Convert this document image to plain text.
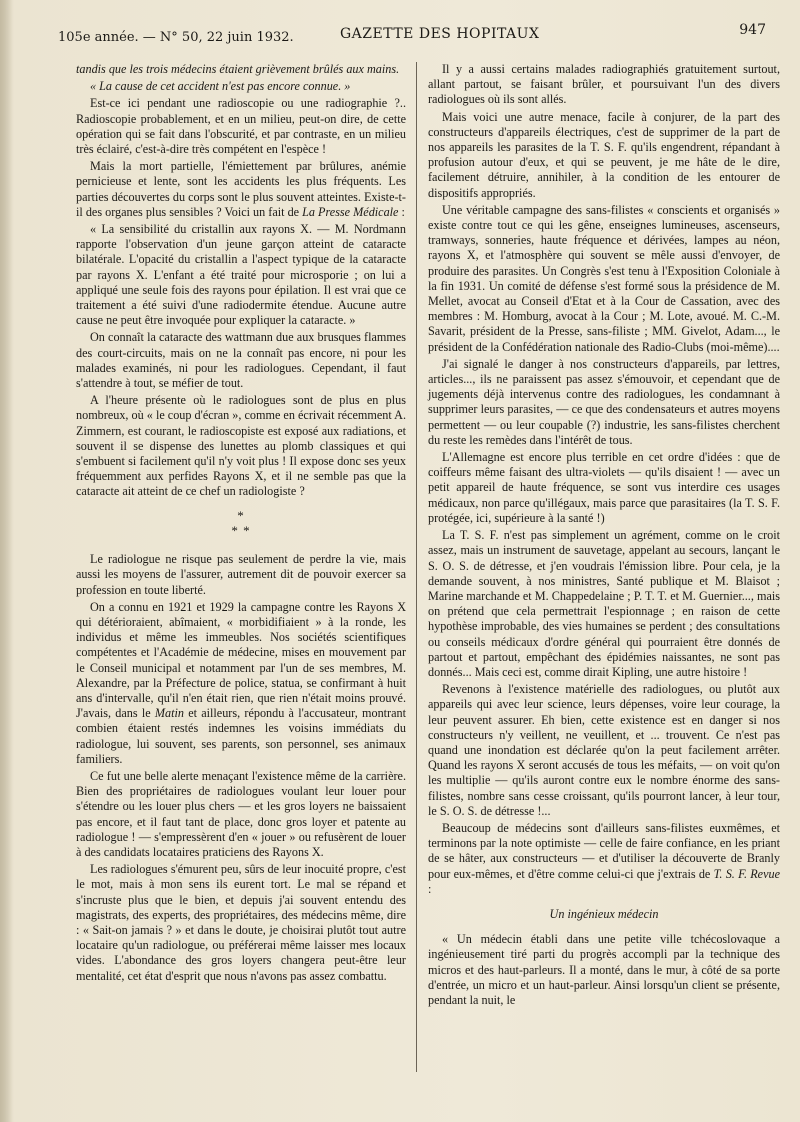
105e année. — N° 50, 22 juin 1932.	GAZETTE DES HOPITAUX	947

tandis que les trois médecins étaient grièvement brûlés aux mains.

« La cause de cet accident n'est pas encore connue. »

Est-ce ici pendant une radioscopie ou une radiographie ?.. Radioscopie probablement, et en un milieu, peut-on dire, de cette opération qui se fait dans l'obscurité, et par contraste, en un milieu très éclairé, c'est-à-dire très compétent en l'espèce !

Mais la mort partielle, l'émiettement par brûlures, anémie pernicieuse et lente, sont les accidents les plus fréquents. Les parties découvertes du corps sont le plus souvent atteintes. Existe-t-il des organes plus sensibles ? Voici un fait de La Presse Médicale :

« La sensibilité du cristallin aux rayons X. — M. Nordmann rapporte l'observation d'un jeune garçon atteint de cataracte bilatérale. L'opacité du cristallin a l'aspect typique de la cataracte par rayons X. L'enfant a été traité pour microsporie ; on lui a appliqué une seule fois des rayons pour épilation. Il est vrai que ce traitement a été suivi d'une radiodermite étendue. Aucune autre cause ne peut être invoquée pour expliquer la cataracte. »

On connaît la cataracte des wattmann due aux brusques flammes des court-circuits, mais on ne la connaît pas encore, ni pour les malades examinés, ni pour les radiologues. Cependant, il faut s'attendre à tout, se méfier de tout.

A l'heure présente où le radiologues sont de plus en plus nombreux, où « le coup d'écran », comme en écrivait récemment A. Zimmern, est courant, le radioscopiste est exposé aux radiations, et souvent il se dispense des lunettes au plomb classiques et qui s'embuent si facilement qu'il n'y voit plus ! Il expose donc ses yeux fréquemment aux perfides Rayons X, et il ne semble pas que la cataracte ait atteint de ce chef un radiologiste ?

*
* *

Le radiologue ne risque pas seulement de perdre la vie, mais aussi les moyens de l'assurer, autrement dit de pouvoir exercer sa profession en toute liberté.

On a connu en 1921 et 1929 la campagne contre les Rayons X qui détérioraient, abîmaient, « morbidifiaient » à la ronde, les individus et même les immeubles. Nos sociétés scientifiques compétentes et l'Académie de médecine, mises en mouvement par le Conseil municipal et notamment par l'un de ses membres, M. Alexandre, par la Préfecture de police, statua, se confirmant à huit ans d'intervalle, qu'il n'en était rien, que rien n'était moins prouvé. J'avais, dans le Matin et ailleurs, répondu à l'accusateur, montrant combien étaient restés indemnes les voisins immédiats du radiologue, lui souvent, ses parents, son personnel, ses animaux familiers.

Ce fut une belle alerte menaçant l'existence même de la carrière. Bien des propriétaires de radiologues voulant leur louer pour s'étendre ou les louer plus chers — et les gros loyers ne baissaient pas encore, et il faut tant de place, donc gros loyer et patente au radiologue ! — s'empressèrent d'en « jouer » ou refusèrent de louer à des candidats locataires praticiens des Rayons X.

Les radiologues s'émurent peu, sûrs de leur inocuité propre, c'est le mot, mais à mon sens ils eurent tort. Le mal se répand et s'incruste plus que le bien, et depuis j'ai souvent entendu des magistrats, des experts, des propriétaires, des médecins même, dire : « Sait-on jamais ? » et dans le doute, je choisirai plutôt tout autre locataire qu'un radiologue, ou préférerai même laisser mes locaux vides. L'abondance des gros loyers changera peut-être leur mentalité, cet état d'esprit que nous n'avons pas assez combattu.

Il y a aussi certains malades radiographiés gratuitement surtout, allant partout, se faisant brûler, et poursuivant l'un des divers radiologues où ils sont allés.

Mais voici une autre menace, facile à conjurer, de la part des constructeurs d'appareils électriques, c'est de supprimer de la part de nos appareils les parasites de la T. S. F. qu'ils engendrent, répandant à profusion autour d'eux, et qui se peuvent, je me hâte de le dire, facilement détruire, annihiler, à la condition de les entourer de dispositifs appropriés.

Une véritable campagne des sans-filistes « conscients et organisés » existe contre tout ce qui les gêne, enseignes lumineuses, ascenseurs, tramways, sonneries, haute fréquence et dérivées, lampes au néon, rayons X, et l'atmosphère qui souvent se mêle aussi d'envoyer, de produire des parasites. Un Congrès s'est tenu à l'Exposition Coloniale à la fin 1931. Un comité de défense s'est formé sous la présidence de M. Mellet, avocat au Conseil d'Etat et à la Cour de Cassation, avec des membres : M. Homburg, avocat à la Cour ; M. Lote, avoué. M. C.-M. Savarit, président de la Presse, sans-filiste ; MM. Givelot, Adam..., le président de la Confédération nationale des Radio-Clubs (moi-même)....

J'ai signalé le danger à nos constructeurs d'appareils, par lettres, articles..., ils ne paraissent pas assez s'émouvoir, et cependant que de jugements déjà intervenus contre des radiologues, les condamnant à supprimer leurs parasites, — ce que des condensateurs et autres moyens permettent — ou leur coupable (?) industrie, les sans-filistes cherchent du reste les remèdes dans l'intérêt de tous.

L'Allemagne est encore plus terrible en cet ordre d'idées : que de coiffeurs même faisant des ultra-violets — qu'ils disaient ! — avec un petit appareil de haute fréquence, se sont vus interdire ces usages médicaux, non parce qu'illégaux, mais parce que parasitaires (la T. S. F. protégée, ici, supérieure à la santé !)

La T. S. F. n'est pas simplement un agrément, comme on le croit assez, mais un instrument de sauvetage, appelant au secours, lançant le S. O. S. de détresse, et j'en voudrais l'émission libre. Pour cela, je la demande souvent, à nos ministres, Santé publique et M. Blaisot ; Marine marchande et M. Chappedelaine ; P. T. T. et M. Guernier..., mais on prétend que cela permettrait l'espionnage ; en raison de cette hypothèse improbable, des vies humaines se perdent ; des consultations ou conseils médicaux d'ordre général qui pourraient être donnés de partout et partout, empêchant des épidémies naissantes, ne sont pas donnés... Mais ceci est, comme dirait Kipling, une autre histoire !

Revenons à l'existence matérielle des radiologues, ou plutôt aux appareils qui avec leur science, leurs dépenses, voire leur courage, la leur peuvent assurer. Eh bien, cette existence est en danger si nos constructeurs n'y veillent, ne veuillent, et ... trouvent. Ce n'est pas quand une inondation est déclarée qu'on la peut facilement arrêter. Quand les rayons X seront accusés de tous les méfaits, — on voit qu'on les multiplie — qu'ils auront contre eux le nombre énorme des sans-filistes, nombre sans cesse croissant, qu'ils pourront lancer, à leur tour, le S. O. S. de détresse !...

Beaucoup de médecins sont d'ailleurs sans-filistes euxmêmes, et terminons par la note optimiste — celle de faire confiance, en les priant de se hâter, aux constructeurs — et d'utiliser la découverte de Branly pour eux-mêmes, et d'être comme celui-ci que j'extrais de T. S. F. Revue :

Un ingénieux médecin

« Un médecin établi dans une petite ville tchécoslovaque a ingénieusement tiré parti du progrès accompli par la technique des micros et des haut-parleurs. Il a monté, dans le mur, à côté de sa porte d'entrée, un micro et un haut-parleur. Ainsi lorsqu'un client se présente, pendant la nuit, le
